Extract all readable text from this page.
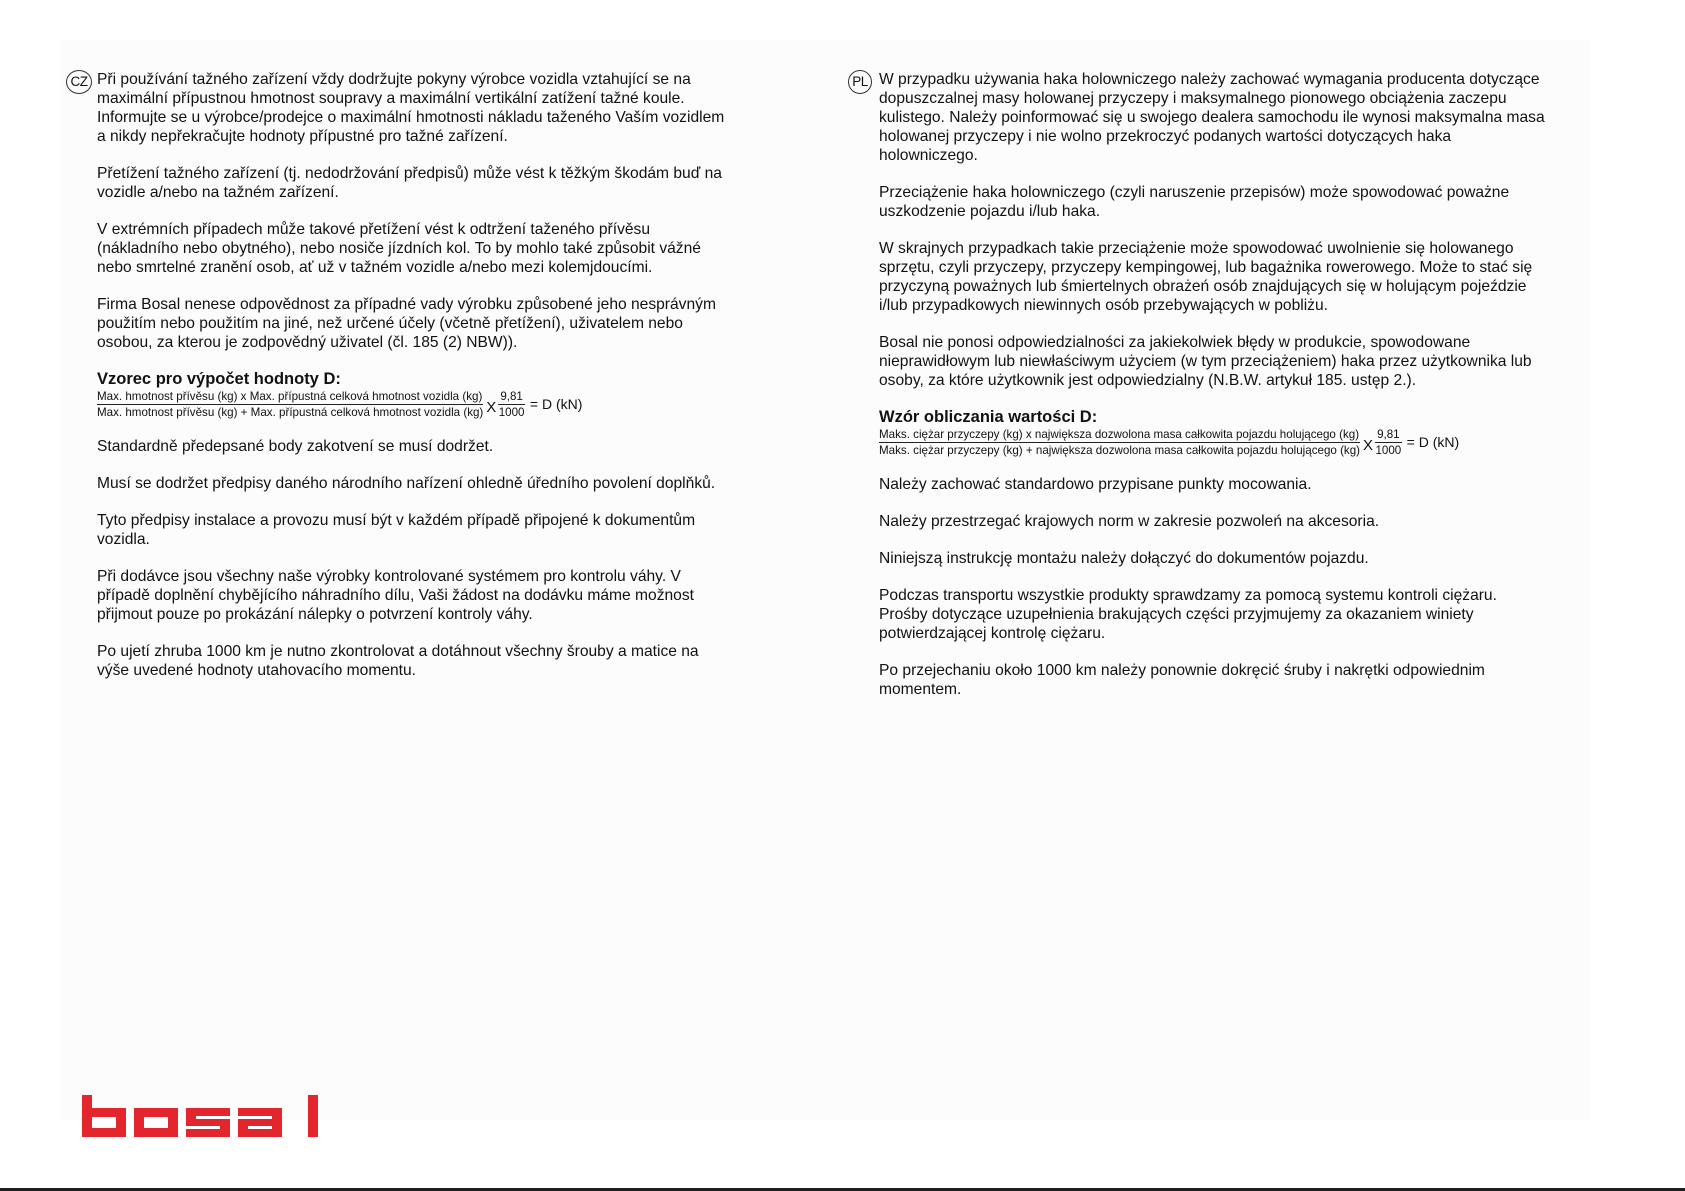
CZ Při používání tažného zařízení vždy dodržujte pokyny výrobce vozidla vztahující se na maximální přípustnou hmotnost soupravy a maximální vertikální zatížení tažné koule.

Informujte se u výrobce/prodejce o maximální hmotnosti nákladu taženého Vaším vozidlem a nikdy nepřekračujte hodnoty přípustné pro tažné zařízení.

Přetížení tažného zařízení (tj. nedodržování předpisů) může vést k těžkým škodám buď na vozidle a/nebo na tažném zařízení.

V extrémních případech může takové přetížení vést k odtržení taženého přívěsu (nákladního nebo obytného), nebo nosiče jízdních kol. To by mohlo také způsobit vážné nebo smrtelné zranění osob, ať už v tažném vozidle a/nebo mezi kolemjdoucími.

Firma Bosal nenese odpovědnost za případné vady výrobku způsobené jeho nesprávným použitím nebo použitím na jiné, než určené účely (včetně přetížení), uživatelem nebo osobou, za kterou je zodpovědný uživatel (čl. 185 (2) NBW)).

Vzorec pro výpočet hodnoty D:
Max. hmotnost přívěsu (kg) x Max. přípustná celková hmotnost vozidla (kg)
Max. hmotnost přívěsu (kg) + Max. přípustná celková hmotnost vozidla (kg) X $\frac{9,81}{1000} = D$ (kN)

Standardně předepsané body zakotvení se musí dodržet.

Musí se dodržet předpisy daného národního nařízení ohledně úředního povolení doplňků.

Tyto předpisy instalace a provozu musí být v každém případě připojené k dokumentům vozidla.

Při dodávce jsou všechny naše výrobky kontrolované systémem pro kontrolu váhy. V případě doplnění chybějícího náhradního dílu, Vaši žádost na dodávku máme možnost přijmout pouze po prokázání nálepky o potvrzení kontroly váhy.

Po ujetí zhruba 1000 km je nutno zkontrolovat a dotáhnout všechny šrouby a matice na výše uvedené hodnoty utahovacího momentu.

PL W przypadku używania haka holowniczego należy zachować wymagania producenta dotyczące dopuszczalnej masy holowanej przyczepy i maksymalnego pionowego obciążenia zaczepu kulistego. Należy poinformować się u swojego dealera samochodu ile wynosi maksymalna masa holowanej przyczepy i nie wolno przekroczyć podanych wartości dotyczących haka holowniczego.

Przeciążenie haka holowniczego (czyli naruszenie przepisów) może spowodować poważne uszkodzenie pojazdu i/lub haka.

W skrajnych przypadkach takie przeciążenie może spowodować uwolnienie się holowanego sprzętu, czyli przyczepy, przyczepy kempingowej, lub bagażnika rowerowego. Może to stać się przyczyną poważnych lub śmiertelnych obrażeń osób znajdujących się w holującym pojeździe i/lub przypadkowych niewinnych osób przebywających w pobliżu.

Bosal nie ponosi odpowiedzialności za jakiekolwiek błędy w produkcie, spowodowane nieprawidłowym lub niewłaściwym użyciem (w tym przeciążeniem) haka przez użytkownika lub osoby, za które użytkownik jest odpowiedzialny (N.B.W. artykuł 185. ustęp 2.).

Wzór obliczania wartości D:
Maks. ciężar przyczepy (kg) x największa dozwolona masa całkowita pojazdu holującego (kg)
Maks. ciężar przyczepy (kg) + największa dozwolona masa całkowita pojazdu holującego (kg) X $\frac{9,81}{1000} = D$ (kN)

Należy zachować standardowo przypisane punkty mocowania.

Należy przestrzegać krajowych norm w zakresie pozwoleń na akcesoria.

Niniejszą instrukcję montażu należy dołączyć do dokumentów pojazdu.

Podczas transportu wszystkie produkty sprawdzamy za pomocą systemu kontroli ciężaru.

Prośby dotyczące uzupełnienia brakujących części przyjmujemy za okazaniem winiety potwierdzającej kontrolę ciężaru.

Po przejechaniu około 1000 km należy ponownie dokręcić śruby i nakrętki odpowiednim momentem.
